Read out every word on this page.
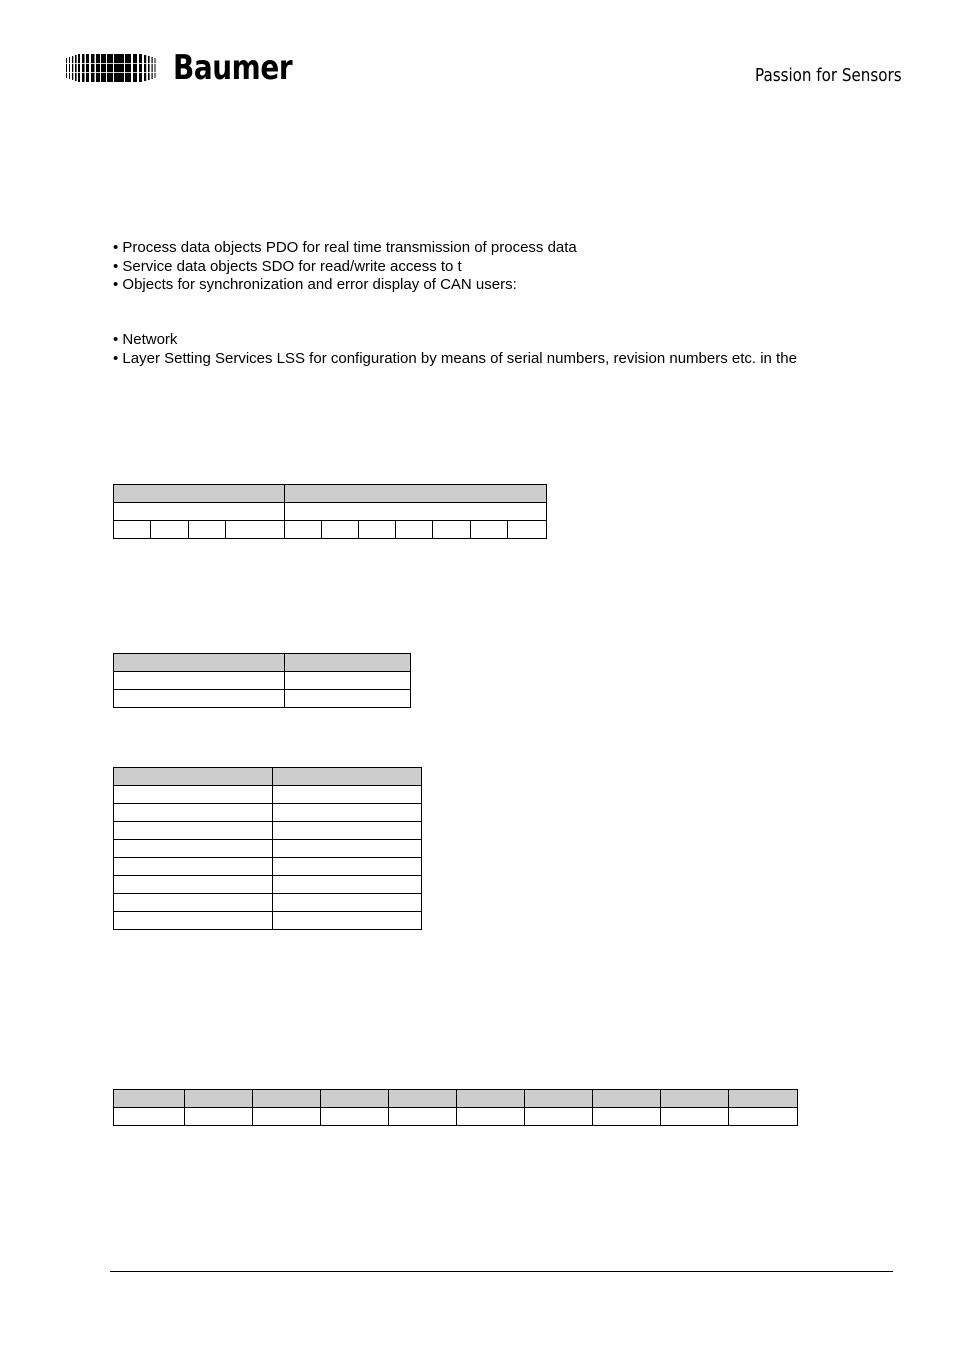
Baumer	Passion for Sensors
• Process data objects PDO for real time transmission of process data
• Service data objects SDO for read/write access to t
• Objects for synchronization and error display of CAN users:
• Network
• Layer Setting Services LSS for configuration by means of serial numbers, revision numbers etc. in the
